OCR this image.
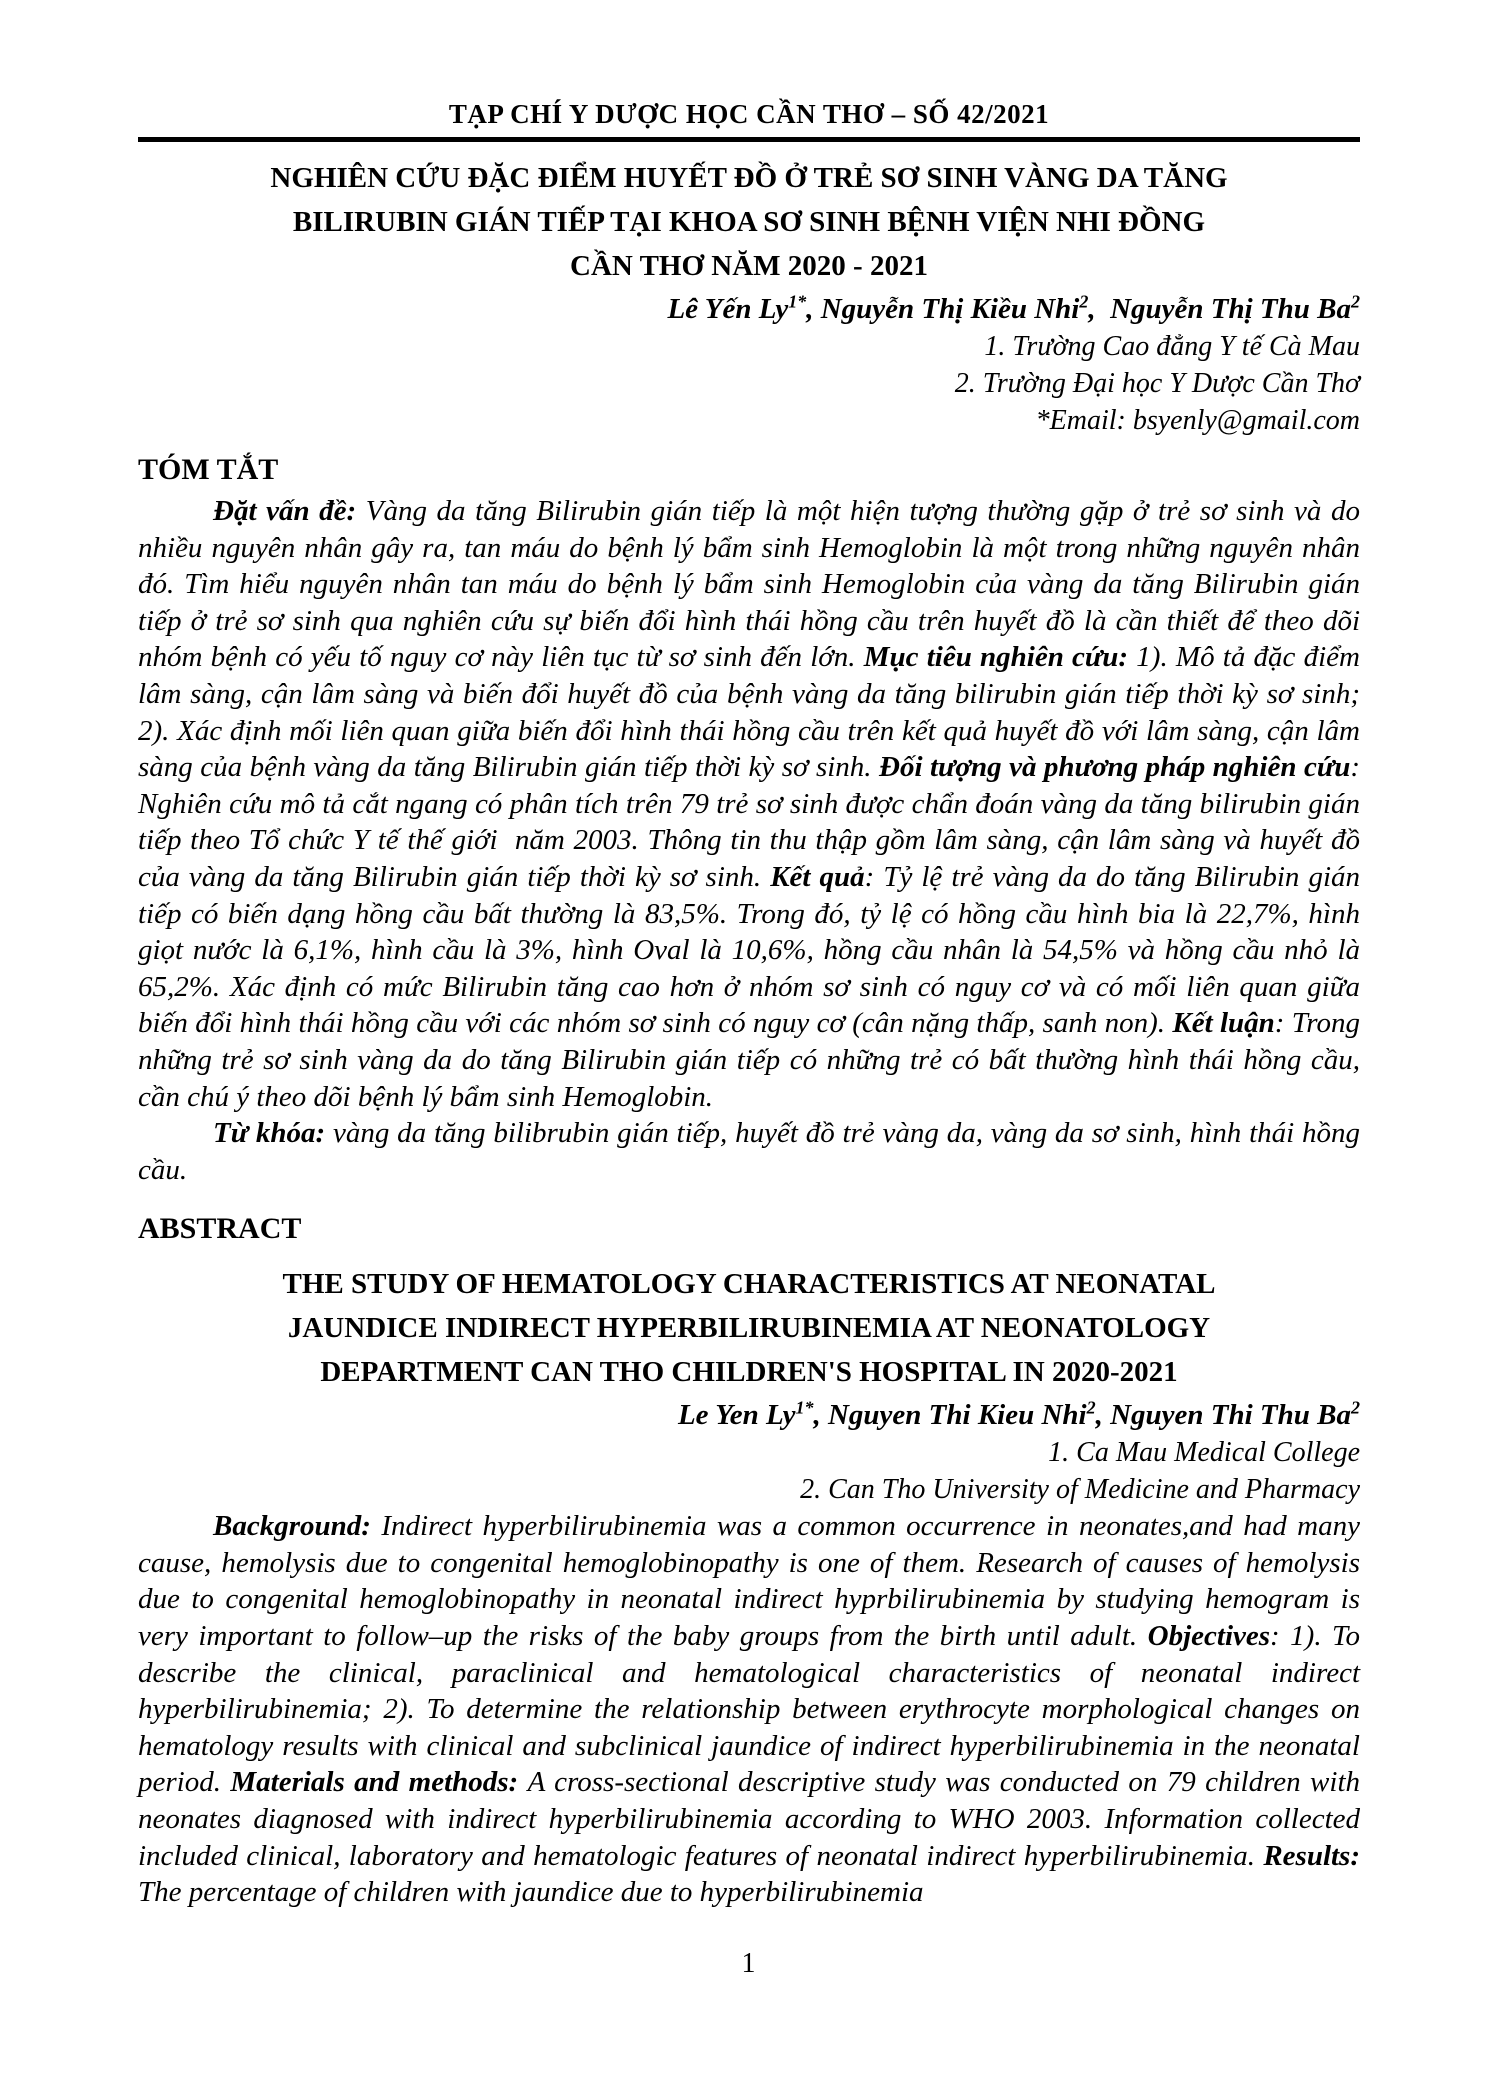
TẠP CHÍ Y DƯỢC HỌC CẦN THƠ – SỐ 42/2021
NGHIÊN CỨU ĐẶC ĐIỂM HUYẾT ĐỒ Ở TRẺ SƠ SINH VÀNG DA TĂNG
BILIRUBIN GIÁN TIẾP TẠI KHOA SƠ SINH BỆNH VIỆN NHI ĐỒNG
CẦN THƠ NĂM 2020 - 2021
Lê Yến $Ly^{1*}$, Nguyễn Thị Kiều Nhi$^2$,  Nguyễn Thị Thu Ba$^2$
1. Trường Cao đẳng Y tế Cà Mau
2. Trường Đại học Y Dược Cần Thơ
*Email: bsyenly@gmail.com
TÓM TẮT

Đặt vấn đề: Vàng da tăng Bilirubin gián tiếp là một hiện tượng thường gặp ở trẻ sơ sinh và do nhiều nguyên nhân gây ra, tan máu do bệnh lý bẩm sinh Hemoglobin là một trong những nguyên nhân đó. Tìm hiểu nguyên nhân tan máu do bệnh lý bẩm sinh Hemoglobin của vàng da tăng Bilirubin gián tiếp ở trẻ sơ sinh qua nghiên cứu sự biến đổi hình thái hồng cầu trên huyết đồ là cần thiết để theo dõi nhóm bệnh có yếu tố nguy cơ này liên tục từ sơ sinh đến lớn. Mục tiêu nghiên cứu: 1). Mô tả đặc điểm lâm sàng, cận lâm sàng và biến đổi huyết đồ của bệnh vàng da tăng bilirubin gián tiếp thời kỳ sơ sinh; 2). Xác định mối liên quan giữa biến đổi hình thái hồng cầu trên kết quả huyết đồ với lâm sàng, cận lâm sàng của bệnh vàng da tăng Bilirubin gián tiếp thời kỳ sơ sinh. Đối tượng và phương pháp nghiên cứu: Nghiên cứu mô tả cắt ngang có phân tích trên 79 trẻ sơ sinh được chẩn đoán vàng da tăng bilirubin gián tiếp theo Tổ chức Y tế thế giới  năm 2003. Thông tin thu thập gồm lâm sàng, cận lâm sàng và huyết đồ của vàng da tăng Bilirubin gián tiếp thời kỳ sơ sinh. Kết quả: Tỷ lệ trẻ vàng da do tăng Bilirubin gián tiếp có biến dạng hồng cầu bất thường là 83,5%. Trong đó, tỷ lệ có hồng cầu hình bia là 22,7%, hình giọt nước là 6,1%, hình cầu là 3%, hình Oval là 10,6%, hồng cầu nhân là 54,5% và hồng cầu nhỏ là 65,2%. Xác định có mức Bilirubin tăng cao hơn ở nhóm sơ sinh có nguy cơ và có mối liên quan giữa biến đổi hình thái hồng cầu với các nhóm sơ sinh có nguy cơ (cân nặng thấp, sanh non). Kết luận: Trong những trẻ sơ sinh vàng da do tăng Bilirubin gián tiếp có những trẻ có bất thường hình thái hồng cầu, cần chú ý theo dõi bệnh lý bẩm sinh Hemoglobin.

Từ khóa: vàng da tăng bilibrubin gián tiếp, huyết đồ trẻ vàng da, vàng da sơ sinh, hình thái hồng cầu.

ABSTRACT
THE STUDY OF HEMATOLOGY CHARACTERISTICS AT NEONATAL
JAUNDICE INDIRECT HYPERBILIRUBINEMIA AT NEONATOLOGY
DEPARTMENT CAN THO CHILDREN'S HOSPITAL IN 2020-2021
Le Yen $Ly^{1*}$, Nguyen Thi Kieu Nhi$^2$, Nguyen Thi Thu Ba$^2$
1. Ca Mau Medical College
2. Can Tho University of Medicine and Pharmacy

Background: Indirect hyperbilirubinemia was a common occurrence in neonates,and had many cause, hemolysis due to congenital hemoglobinopathy is one of them. Research of causes of hemolysis due to congenital hemoglobinopathy in neonatal indirect hyprbilirubinemia by studying hemogram is very important to follow–up the risks of the baby groups from the birth until adult. Objectives: 1). To describe the clinical, paraclinical and hematological characteristics of neonatal indirect hyperbilirubinemia; 2). To determine the relationship between erythrocyte morphological changes on hematology results with clinical and subclinical jaundice of indirect hyperbilirubinemia in the neonatal period. Materials and methods: A cross-sectional descriptive study was conducted on 79 children with neonates diagnosed with indirect hyperbilirubinemia according to WHO 2003. Information collected included clinical, laboratory and hematologic features of neonatal indirect hyperbilirubinemia. Results: The percentage of children with jaundice due to hyperbilirubinemia

1
